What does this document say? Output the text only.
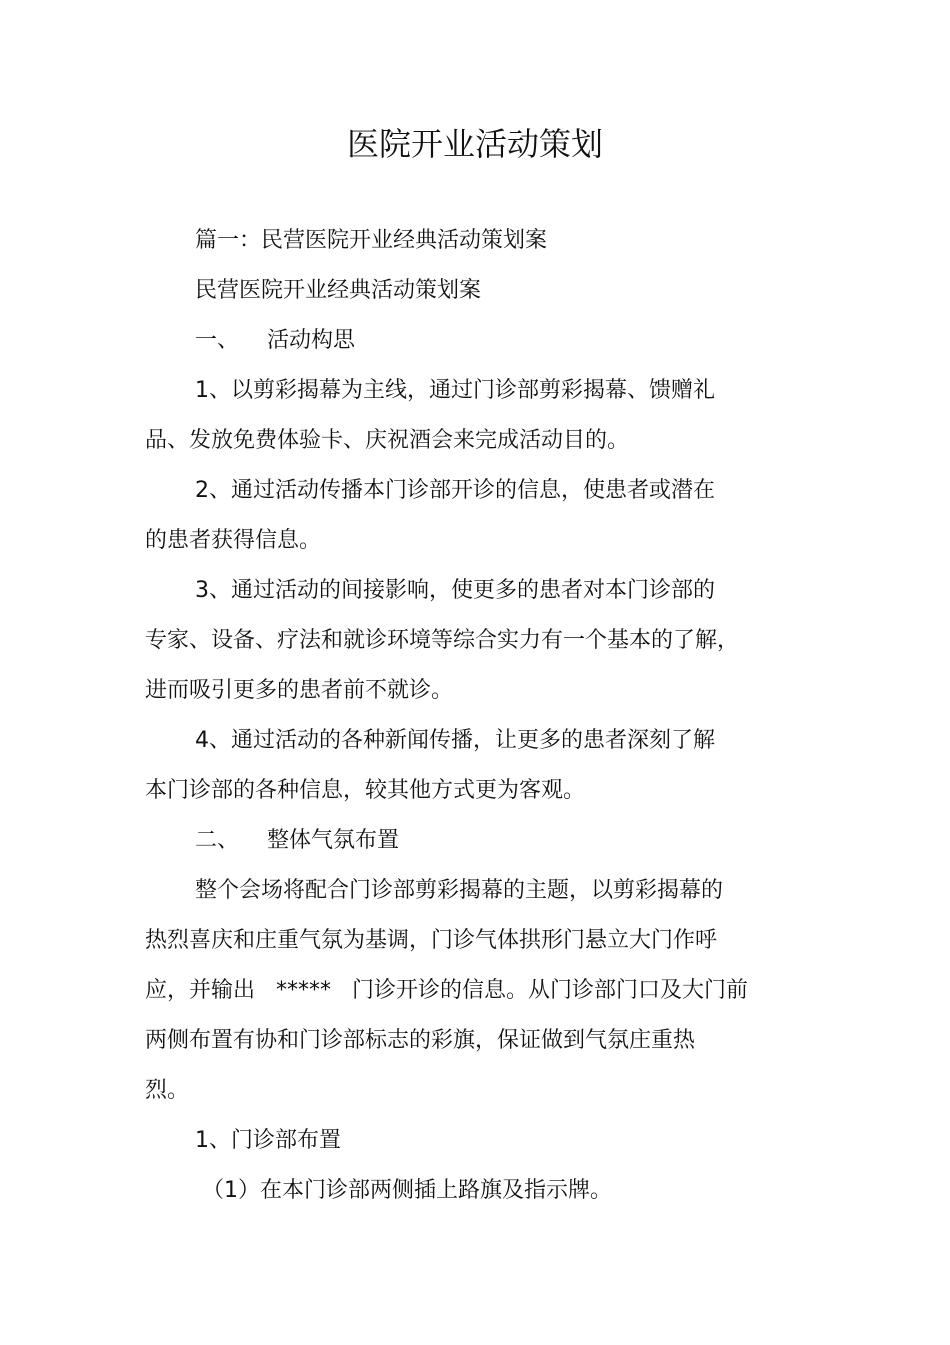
医院开业活动策划
篇一：民营医院开业经典活动策划案
民营医院开业经典活动策划案
一、    活动构思
1、以剪彩揭幕为主线，通过门诊部剪彩揭幕、馈赠礼
品、发放免费体验卡、庆祝酒会来完成活动目的。
2、通过活动传播本门诊部开诊的信息，使患者或潜在
的患者获得信息。
3、通过活动的间接影响，使更多的患者对本门诊部的
专家、设备、疗法和就诊环境等综合实力有一个基本的了解，
进而吸引更多的患者前不就诊。
4、通过活动的各种新闻传播，让更多的患者深刻了解
本门诊部的各种信息，较其他方式更为客观。
二、    整体气氛布置
整个会场将配合门诊部剪彩揭幕的主题，以剪彩揭幕的
热烈喜庆和庄重气氛为基调，门诊气体拱形门悬立大门作呼
应，并输出   *****   门诊开诊的信息。从门诊部门口及大门前
两侧布置有协和门诊部标志的彩旗，保证做到气氛庄重热
烈。
1、门诊部布置
（1）在本门诊部两侧插上路旗及指示牌。
